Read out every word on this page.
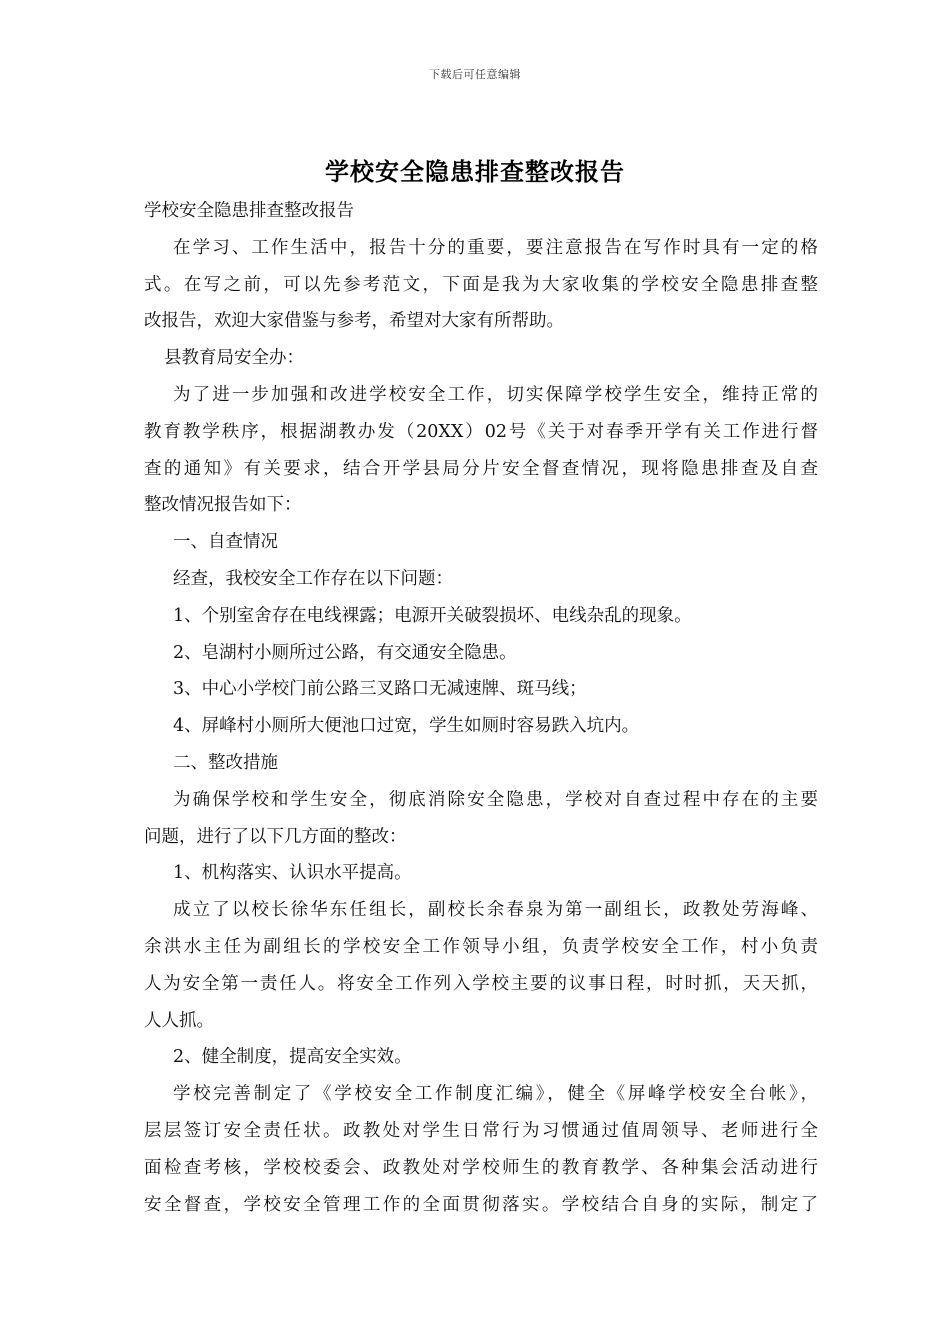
下载后可任意编辑
学校安全隐患排查整改报告
学校安全隐患排查整改报告
在学习、工作生活中，报告十分的重要，要注意报告在写作时具有一定的格
式。在写之前，可以先参考范文，下面是我为大家收集的学校安全隐患排查整
改报告，欢迎大家借鉴与参考，希望对大家有所帮助。
县教育局安全办：
为了进一步加强和改进学校安全工作，切实保障学校学生安全，维持正常的
教育教学秩序，根据湖教办发（20XX）02号《关于对春季开学有关工作进行督
查的通知》有关要求，结合开学县局分片安全督查情况，现将隐患排查及自查
整改情况报告如下：
一、自查情况
经查，我校安全工作存在以下问题：
1、个别室舍存在电线裸露；电源开关破裂损坏、电线杂乱的现象。
2、皂湖村小厕所过公路，有交通安全隐患。
3、中心小学校门前公路三叉路口无减速牌、斑马线；
4、屏峰村小厕所大便池口过宽，学生如厕时容易跌入坑内。
二、整改措施
为确保学校和学生安全，彻底消除安全隐患，学校对自查过程中存在的主要
问题，进行了以下几方面的整改：
1、机构落实、认识水平提高。
成立了以校长徐华东任组长，副校长余春泉为第一副组长，政教处劳海峰、
余洪水主任为副组长的学校安全工作领导小组，负责学校安全工作，村小负责
人为安全第一责任人。将安全工作列入学校主要的议事日程，时时抓，天天抓，
人人抓。
2、健全制度，提高安全实效。
学校完善制定了《学校安全工作制度汇编》，健全《屏峰学校安全台帐》，
层层签订安全责任状。政教处对学生日常行为习惯通过值周领导、老师进行全
面检查考核，学校校委会、政教处对学校师生的教育教学、各种集会活动进行
安全督查，学校安全管理工作的全面贯彻落实。学校结合自身的实际，制定了
